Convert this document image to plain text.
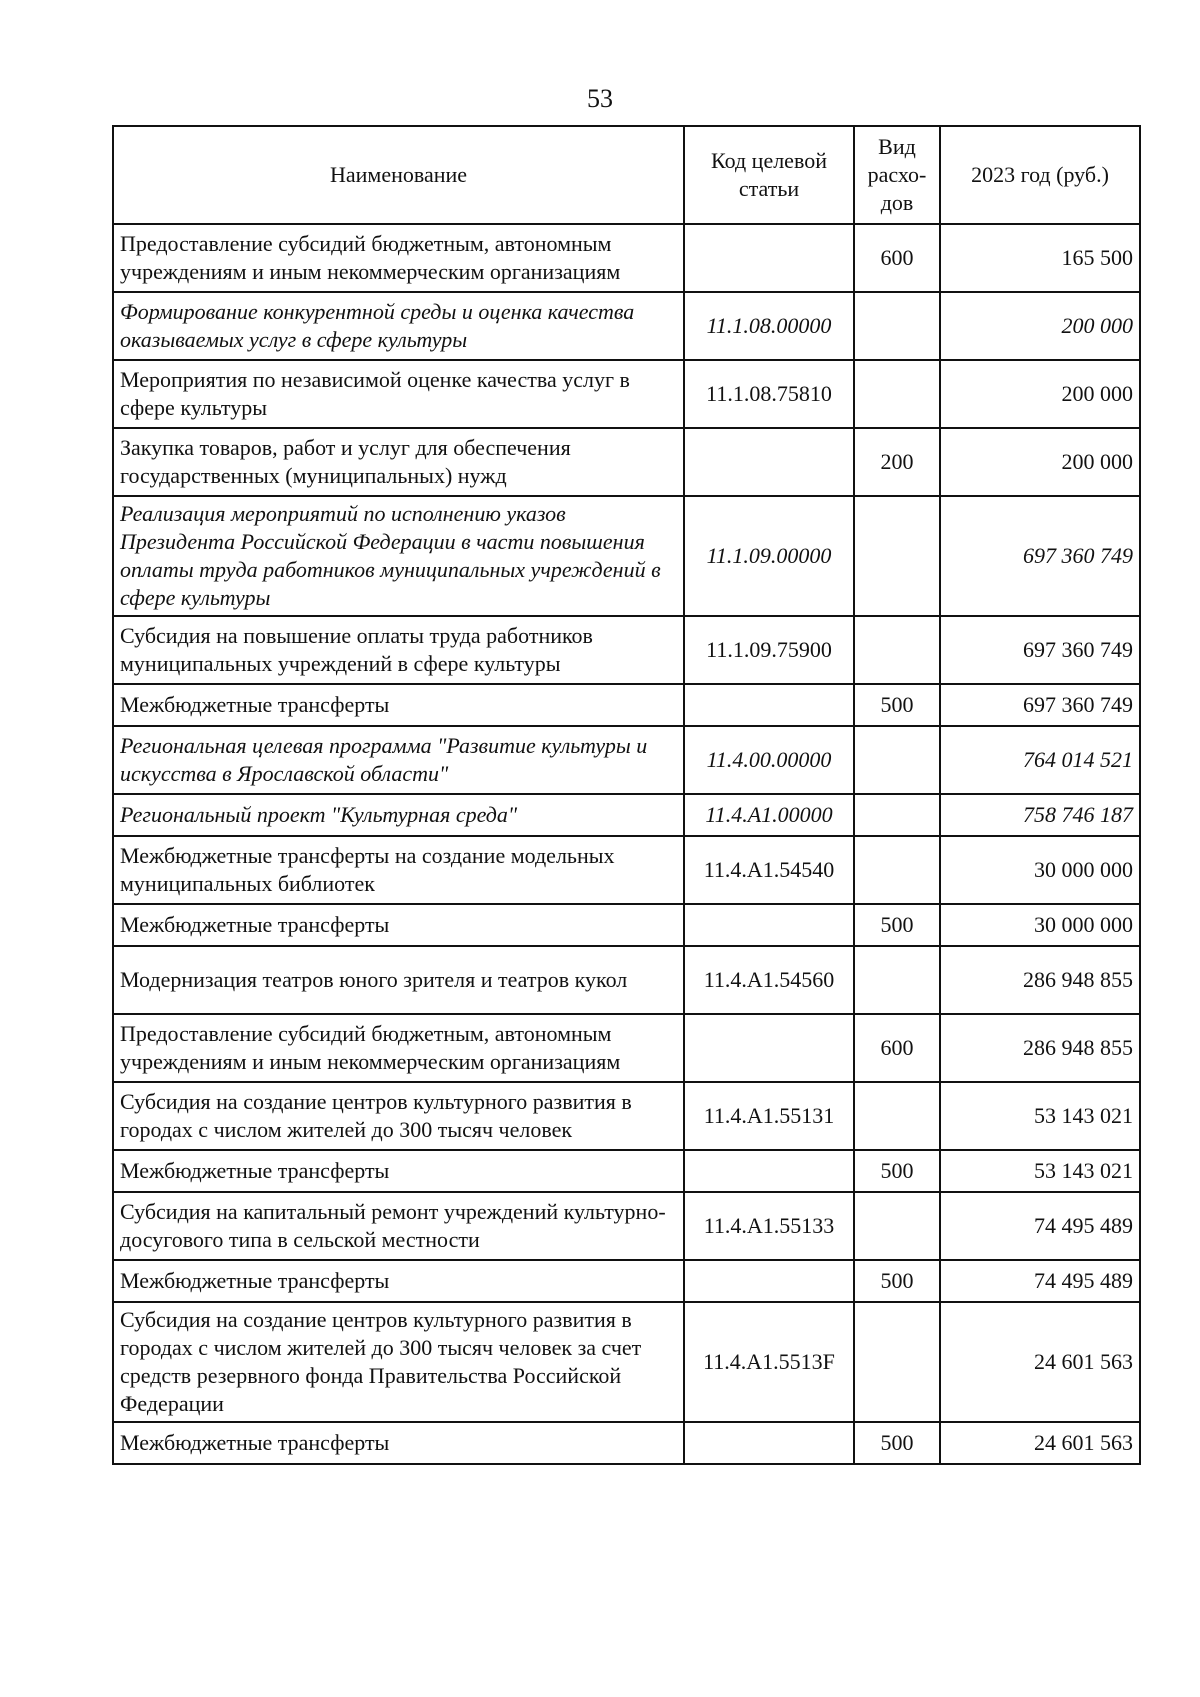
53
Наименование	Код целевой статьи	Вид расхо-дов	2023 год (руб.)
Предоставление субсидий бюджетным, автономным учреждениям и иным некоммерческим организациям		600	165 500
Формирование конкурентной среды и оценка качества оказываемых услуг в сфере культуры	11.1.08.00000		200 000
Мероприятия по независимой оценке качества услуг в сфере культуры	11.1.08.75810		200 000
Закупка товаров, работ и услуг для обеспечения государственных (муниципальных) нужд		200	200 000
Реализация мероприятий по исполнению указов Президента Российской Федерации в части повышения оплаты труда работников муниципальных учреждений в сфере культуры	11.1.09.00000		697 360 749
Субсидия на повышение оплаты труда работников муниципальных учреждений в сфере культуры	11.1.09.75900		697 360 749
Межбюджетные трансферты		500	697 360 749
Региональная целевая программа "Развитие культуры и искусства в Ярославской области"	11.4.00.00000		764 014 521
Региональный проект "Культурная среда"	11.4.A1.00000		758 746 187
Межбюджетные трансферты на создание модельных муниципальных библиотек	11.4.A1.54540		30 000 000
Межбюджетные трансферты		500	30 000 000
Модернизация театров юного зрителя и театров кукол	11.4.A1.54560		286 948 855
Предоставление субсидий бюджетным, автономным учреждениям и иным некоммерческим организациям		600	286 948 855
Субсидия на создание центров культурного развития в городах с числом жителей до 300 тысяч человек	11.4.A1.55131		53 143 021
Межбюджетные трансферты		500	53 143 021
Субсидия на капитальный ремонт учреждений культурно-досугового типа в сельской местности	11.4.A1.55133		74 495 489
Межбюджетные трансферты		500	74 495 489
Субсидия на создание центров культурного развития в городах с числом жителей до 300 тысяч человек за счет средств резервного фонда Правительства Российской Федерации	11.4.A1.5513F		24 601 563
Межбюджетные трансферты		500	24 601 563
